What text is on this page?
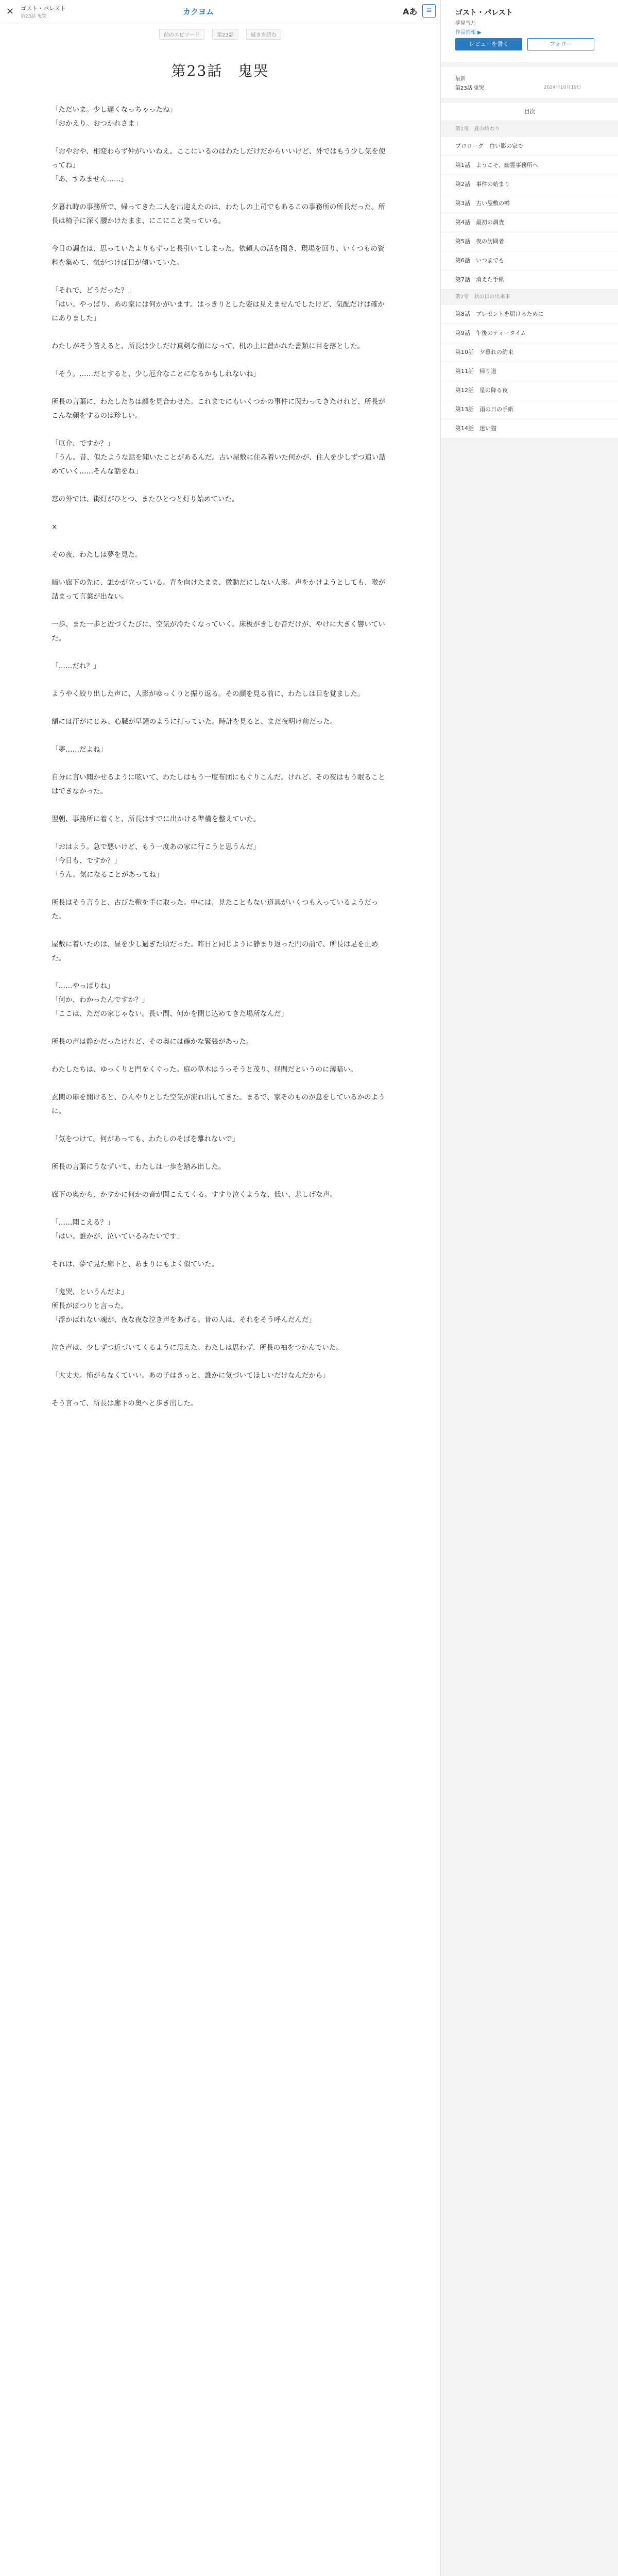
✕ ゴスト・パレスト
第23話 鬼哭	カクヨム	Aあ	≡
前のエピソード	第23話	続きを読む
第23話　鬼哭

「ただいま。少し遅くなっちゃったね」
「おかえり。おつかれさま」

「おやおや、相変わらず仲がいいねえ。ここにいるのはわたしだけだからいいけど、外ではもう少し気を使ってね」
「あ、すみません……」

夕暮れ時の事務所で、帰ってきた二人を出迎えたのは、わたしの上司でもあるこの事務所の所長だった。所長は椅子に深く腰かけたまま、にこにこと笑っている。

今日の調査は、思っていたよりもずっと長引いてしまった。依頼人の話を聞き、現場を回り、いくつもの資料を集めて、気がつけば日が傾いていた。

「それで、どうだった？」
「はい。やっぱり、あの家には何かがいます。はっきりとした姿は見えませんでしたけど、気配だけは確かにありました」

わたしがそう答えると、所長は少しだけ真剣な顔になって、机の上に置かれた書類に目を落とした。

「そう。……だとすると、少し厄介なことになるかもしれないね」

所長の言葉に、わたしたちは顔を見合わせた。これまでにもいくつかの事件に関わってきたけれど、所長がこんな顔をするのは珍しい。

「厄介、ですか？」
「うん。昔、似たような話を聞いたことがあるんだ。古い屋敷に住み着いた何かが、住人を少しずつ追い詰めていく……そんな話をね」

窓の外では、街灯がひとつ、またひとつと灯り始めていた。

×

その夜、わたしは夢を見た。

暗い廊下の先に、誰かが立っている。背を向けたまま、微動だにしない人影。声をかけようとしても、喉が詰まって言葉が出ない。

一歩、また一歩と近づくたびに、空気が冷たくなっていく。床板がきしむ音だけが、やけに大きく響いていた。

「……だれ？」

ようやく絞り出した声に、人影がゆっくりと振り返る。その顔を見る前に、わたしは目を覚ました。

額には汗がにじみ、心臓が早鐘のように打っていた。時計を見ると、まだ夜明け前だった。

「夢……だよね」

自分に言い聞かせるように呟いて、わたしはもう一度布団にもぐりこんだ。けれど、その夜はもう眠ることはできなかった。

翌朝、事務所に着くと、所長はすでに出かける準備を整えていた。

「おはよう。急で悪いけど、もう一度あの家に行こうと思うんだ」
「今日も、ですか？」
「うん。気になることがあってね」

所長はそう言うと、古びた鞄を手に取った。中には、見たこともない道具がいくつも入っているようだった。

屋敷に着いたのは、昼を少し過ぎた頃だった。昨日と同じように静まり返った門の前で、所長は足を止めた。

「……やっぱりね」
「何か、わかったんですか？」
「ここは、ただの家じゃない。長い間、何かを閉じ込めてきた場所なんだ」

所長の声は静かだったけれど、その奥には確かな緊張があった。

わたしたちは、ゆっくりと門をくぐった。庭の草木はうっそうと茂り、昼間だというのに薄暗い。

玄関の扉を開けると、ひんやりとした空気が流れ出してきた。まるで、家そのものが息をしているかのように。

「気をつけて。何があっても、わたしのそばを離れないで」

所長の言葉にうなずいて、わたしは一歩を踏み出した。

廊下の奥から、かすかに何かの音が聞こえてくる。すすり泣くような、低い、悲しげな声。

「……聞こえる？」
「はい。誰かが、泣いているみたいです」

それは、夢で見た廊下と、あまりにもよく似ていた。

「鬼哭、というんだよ」
所長がぽつりと言った。
「浮かばれない魂が、夜な夜な泣き声をあげる。昔の人は、それをそう呼んだんだ」

泣き声は、少しずつ近づいてくるように思えた。わたしは思わず、所長の袖をつかんでいた。

「大丈夫。怖がらなくていい。あの子はきっと、誰かに気づいてほしいだけなんだから」

そう言って、所長は廊下の奥へと歩き出した。

ゴスト・パレスト
夢見雪乃
作品情報 ▶
レビューを書く	フォロー
最新
第23話 鬼哭	2024年10月19日
目次
第1章　夏の終わり
プロローグ　白い影の家で
第1話　ようこそ、幽霊事務所へ
第2話　事件の始まり
第3話　古い屋敷の噂
第4話　最初の調査
第5話　夜の訪問者
第6話　いつまでも
第7話　消えた手紙
第2章　秋の日の出来事
第8話　プレゼントを届けるために
第9話　午後のティータイム
第10話　夕暮れの約束
第11話　帰り道
第12話　星の降る夜
第13話　雨の日の手紙
第14話　迷い猫
